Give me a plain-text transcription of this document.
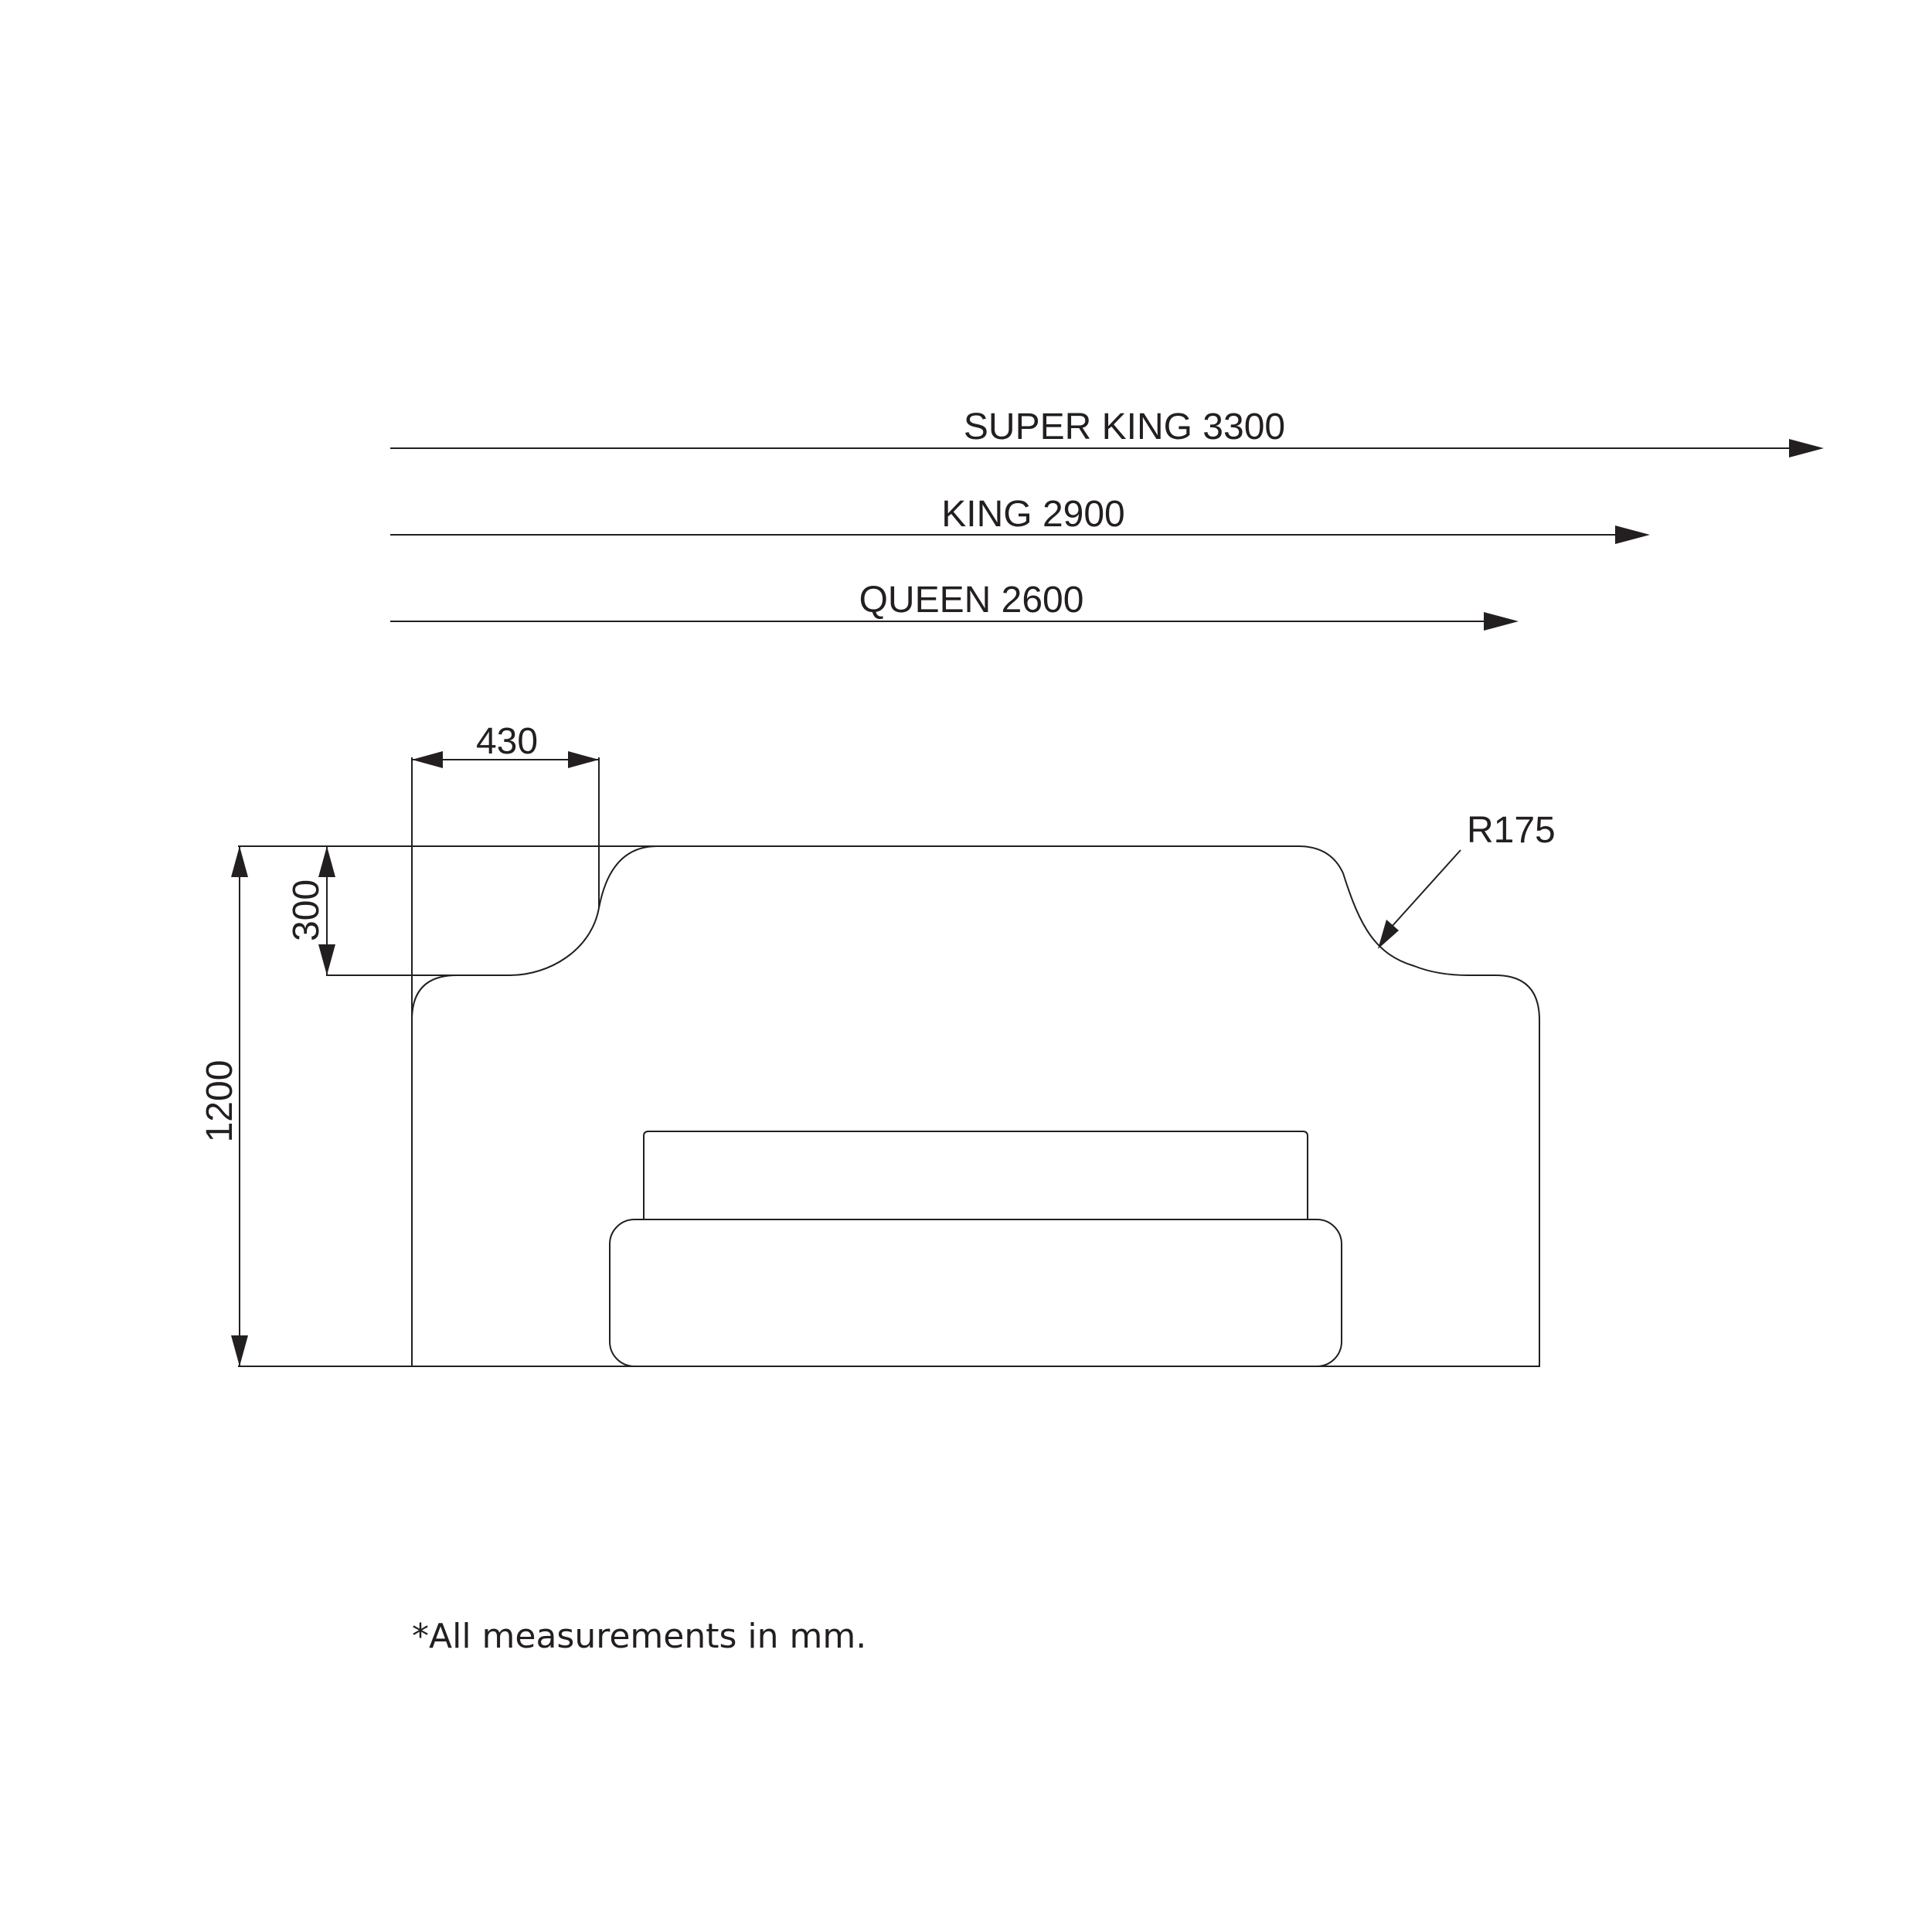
SUPER KING 3300
KING 2900
QUEEN 2600
430
300
1200
R175
*All measurements in mm.
